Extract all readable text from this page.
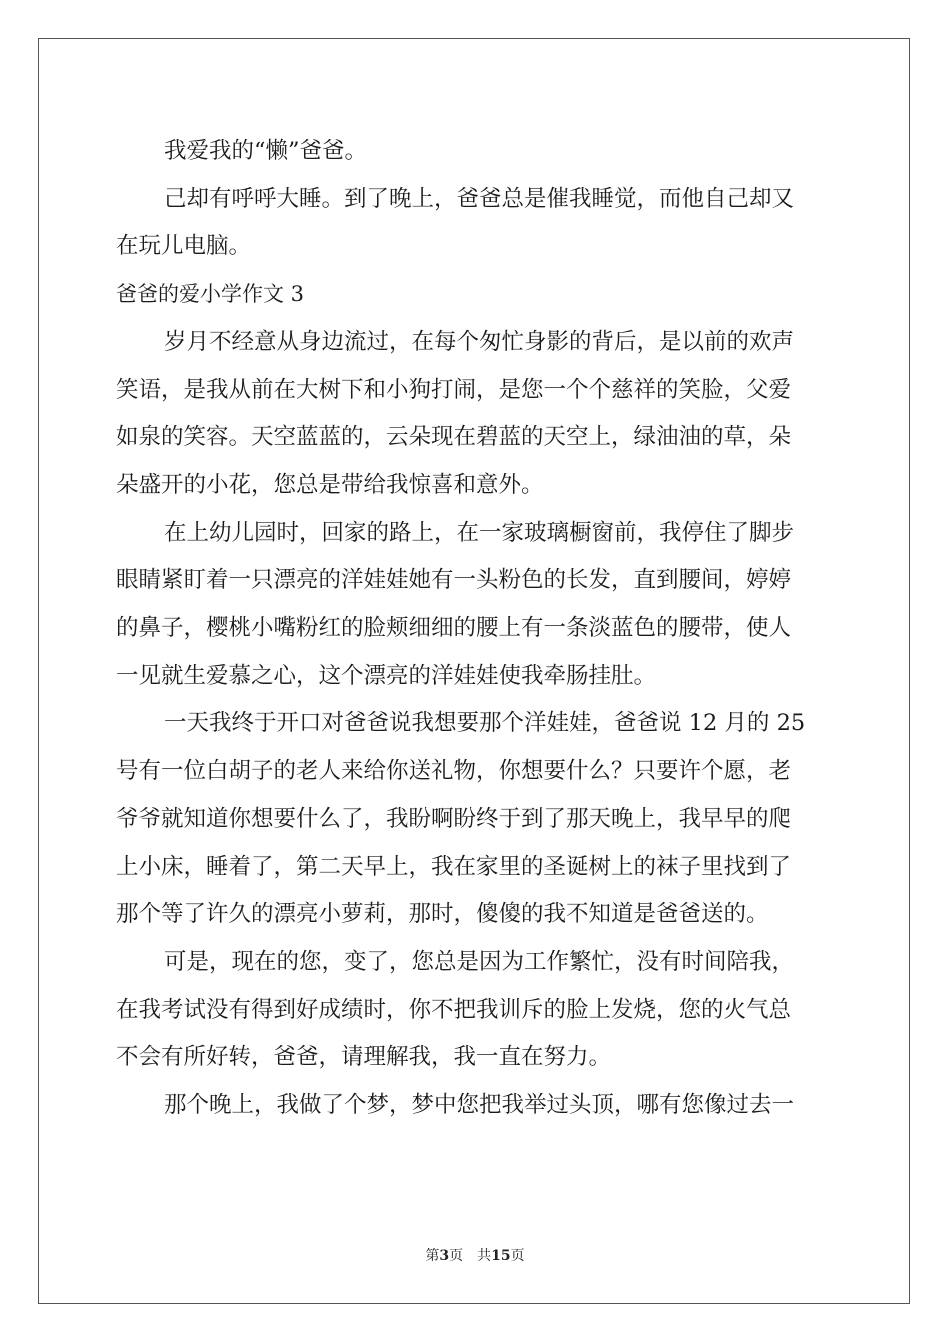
我爱我的“懒”爸爸。
己却有呼呼大睡。到了晚上，爸爸总是催我睡觉，而他自己却又
在玩儿电脑。
爸爸的爱小学作文 3
岁月不经意从身边流过，在每个匆忙身影的背后，是以前的欢声
笑语，是我从前在大树下和小狗打闹，是您一个个慈祥的笑脸，父爱
如泉的笑容。天空蓝蓝的，云朵现在碧蓝的天空上，绿油油的草，朵
朵盛开的小花，您总是带给我惊喜和意外。
在上幼儿园时，回家的路上，在一家玻璃橱窗前，我停住了脚步
眼睛紧盯着一只漂亮的洋娃娃她有一头粉色的长发，直到腰间，婷婷
的鼻子，樱桃小嘴粉红的脸颊细细的腰上有一条淡蓝色的腰带，使人
一见就生爱慕之心，这个漂亮的洋娃娃使我牵肠挂肚。
一天我终于开口对爸爸说我想要那个洋娃娃，爸爸说 12 月的 25
号有一位白胡子的老人来给你送礼物，你想要什么？只要许个愿，老
爷爷就知道你想要什么了，我盼啊盼终于到了那天晚上，我早早的爬
上小床，睡着了，第二天早上，我在家里的圣诞树上的袜子里找到了
那个等了许久的漂亮小萝莉，那时，傻傻的我不知道是爸爸送的。
可是，现在的您，变了，您总是因为工作繁忙，没有时间陪我，
在我考试没有得到好成绩时，你不把我训斥的脸上发烧，您的火气总
不会有所好转，爸爸，请理解我，我一直在努力。
那个晚上，我做了个梦，梦中您把我举过头顶，哪有您像过去一
第3页 共15页
